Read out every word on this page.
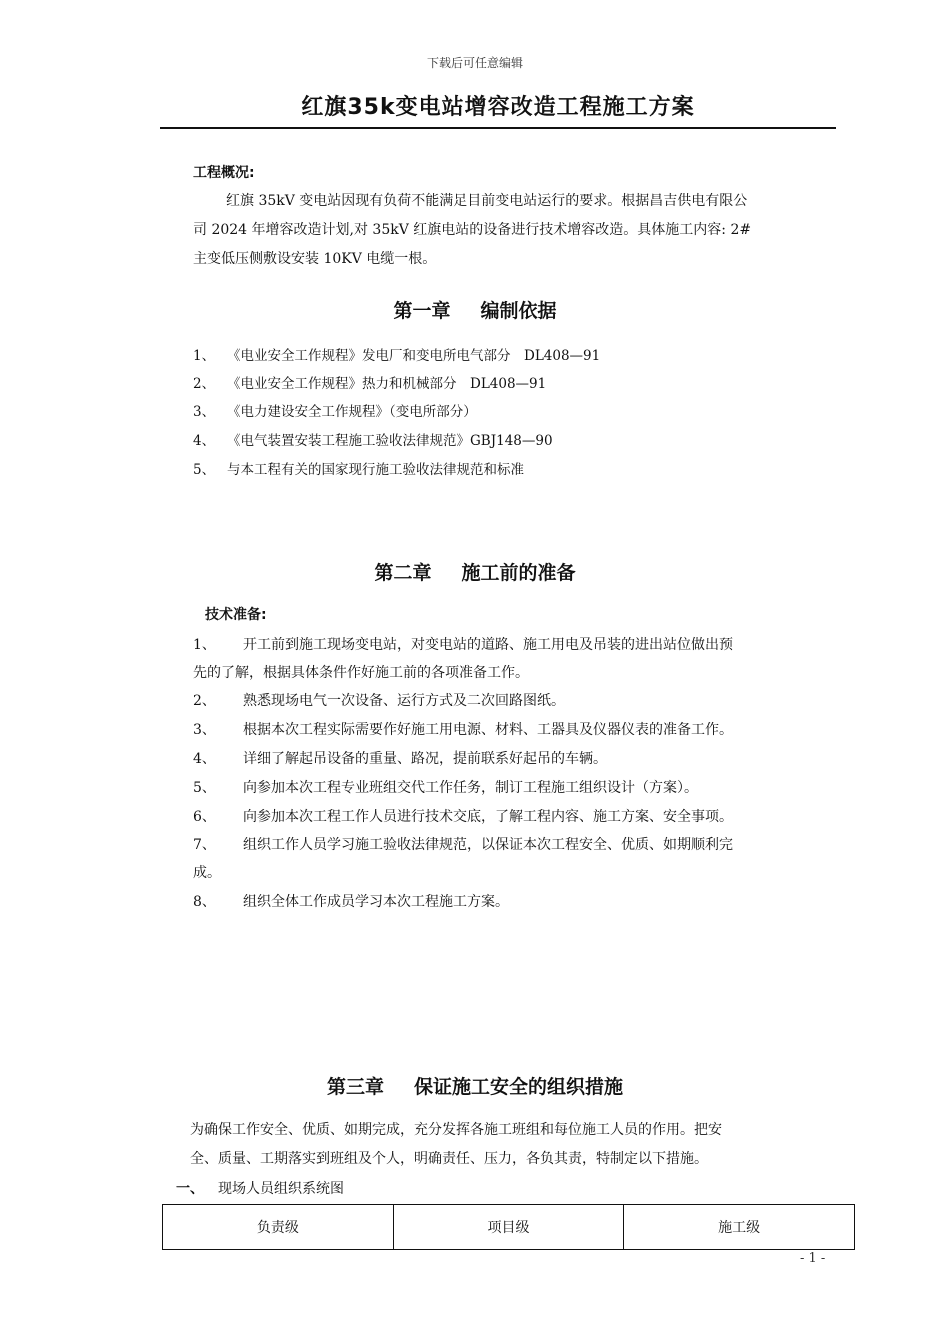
下载后可任意编辑
红旗35k变电站增容改造工程施工方案
工程概况:
红旗 35kV 变电站因现有负荷不能满足目前变电站运行的要求。根据昌吉供电有限公
司 2024 年增容改造计划,对 35kV 红旗电站的设备进行技术增容改造。具体施工内容: 2#
主变低压侧敷设安装 10KV 电缆一根。
第一章 编制依据
1、 《电业安全工作规程》发电厂和变电所电气部分　DL408—91
2、 《电业安全工作规程》热力和机械部分　DL408—91
3、 《电力建设安全工作规程》（变电所部分）
4、 《电气装置安装工程施工验收法律规范》GBJ148—90
5、 与本工程有关的国家现行施工验收法律规范和标准
第二章 施工前的准备
技术准备:
1、 开工前到施工现场变电站，对变电站的道路、施工用电及吊装的进出站位做出预
先的了解，根据具体条件作好施工前的各项准备工作。
2、 熟悉现场电气一次设备、运行方式及二次回路图纸。
3、 根据本次工程实际需要作好施工用电源、材料、工器具及仪器仪表的准备工作。
4、 详细了解起吊设备的重量、路况，提前联系好起吊的车辆。
5、 向参加本次工程专业班组交代工作任务，制订工程施工组织设计（方案）。
6、 向参加本次工程工作人员进行技术交底，了解工程内容、施工方案、安全事项。
7、 组织工作人员学习施工验收法律规范，以保证本次工程安全、优质、如期顺利完
成。
8、 组织全体工作成员学习本次工程施工方案。
第三章 保证施工安全的组织措施
为确保工作安全、优质、如期完成，充分发挥各施工班组和每位施工人员的作用。把安
全、质量、工期落实到班组及个人，明确责任、压力，各负其责，特制定以下措施。
一、 现场人员组织系统图
负责级	项目级	施工级
- 1 -
